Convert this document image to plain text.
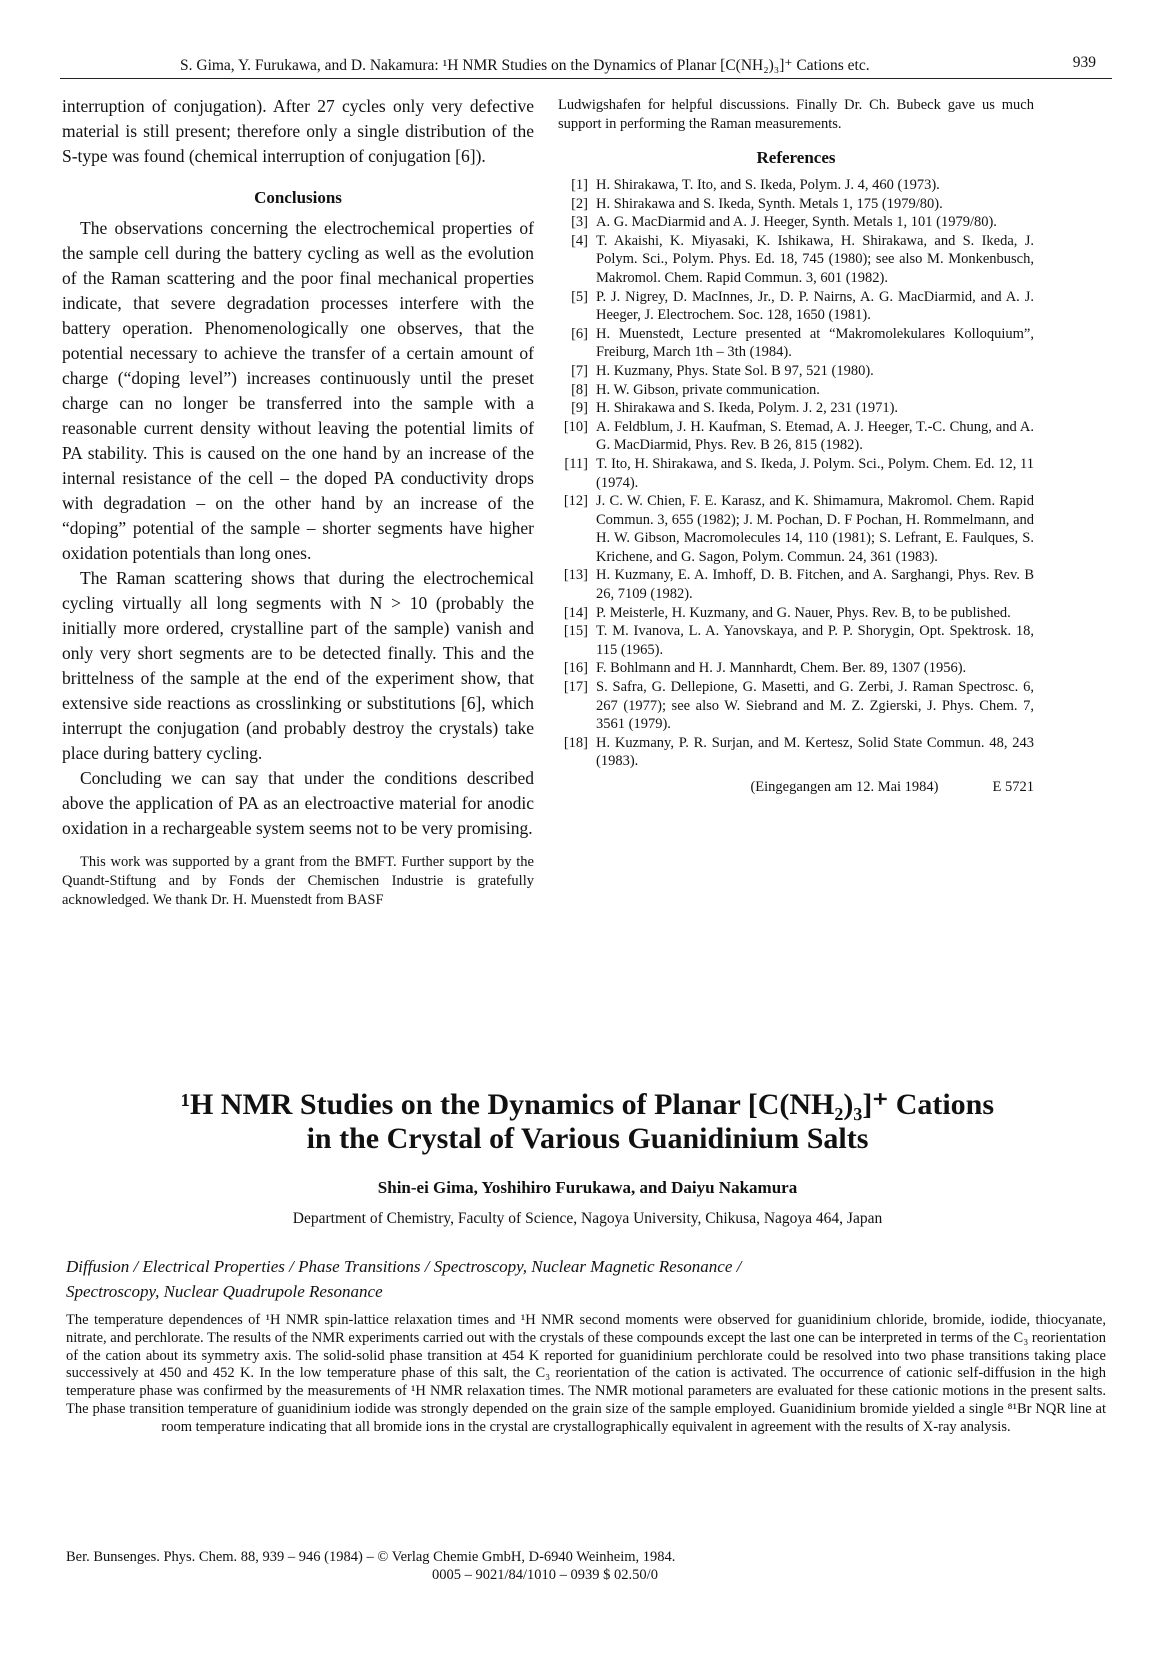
S. Gima, Y. Furukawa, and D. Nakamura: ¹H NMR Studies on the Dynamics of Planar [C(NH₂)₃]⁺ Cations etc.	939

interruption of conjugation). After 27 cycles only very defective material is still present; therefore only a single distribution of the S-type was found (chemical interruption of conjugation [6]).

Conclusions

The observations concerning the electrochemical properties of the sample cell during the battery cycling as well as the evolution of the Raman scattering and the poor final mechanical properties indicate, that severe degradation processes interfere with the battery operation. Phenomenologically one observes, that the potential necessary to achieve the transfer of a certain amount of charge (“doping level”) increases continuously until the preset charge can no longer be transferred into the sample with a reasonable current density without leaving the potential limits of PA stability. This is caused on the one hand by an increase of the internal resistance of the cell – the doped PA conductivity drops with degradation – on the other hand by an increase of the “doping” potential of the sample – shorter segments have higher oxidation potentials than long ones.

The Raman scattering shows that during the electrochemical cycling virtually all long segments with N > 10 (probably the initially more ordered, crystalline part of the sample) vanish and only very short segments are to be detected finally. This and the brittelness of the sample at the end of the experiment show, that extensive side reactions as crosslinking or substitutions [6], which interrupt the conjugation (and probably destroy the crystals) take place during battery cycling.

Concluding we can say that under the conditions described above the application of PA as an electroactive material for anodic oxidation in a rechargeable system seems not to be very promising.

This work was supported by a grant from the BMFT. Further support by the Quandt-Stiftung and by Fonds der Chemischen Industrie is gratefully acknowledged. We thank Dr. H. Muenstedt from BASF

Ludwigshafen for helpful discussions. Finally Dr. Ch. Bubeck gave us much support in performing the Raman measurements.

References
[1] H. Shirakawa, T. Ito, and S. Ikeda, Polym. J. 4, 460 (1973).
[2] H. Shirakawa and S. Ikeda, Synth. Metals 1, 175 (1979/80).
[3] A. G. MacDiarmid and A. J. Heeger, Synth. Metals 1, 101 (1979/80).
[4] T. Akaishi, K. Miyasaki, K. Ishikawa, H. Shirakawa, and S. Ikeda, J. Polym. Sci., Polym. Phys. Ed. 18, 745 (1980); see also M. Monkenbusch, Makromol. Chem. Rapid Commun. 3, 601 (1982).
[5] P. J. Nigrey, D. MacInnes, Jr., D. P. Nairns, A. G. MacDiarmid, and A. J. Heeger, J. Electrochem. Soc. 128, 1650 (1981).
[6] H. Muenstedt, Lecture presented at “Makromolekulares Kolloquium”, Freiburg, March 1th – 3th (1984).
[7] H. Kuzmany, Phys. State Sol. B 97, 521 (1980).
[8] H. W. Gibson, private communication.
[9] H. Shirakawa and S. Ikeda, Polym. J. 2, 231 (1971).
[10] A. Feldblum, J. H. Kaufman, S. Etemad, A. J. Heeger, T.-C. Chung, and A. G. MacDiarmid, Phys. Rev. B 26, 815 (1982).
[11] T. Ito, H. Shirakawa, and S. Ikeda, J. Polym. Sci., Polym. Chem. Ed. 12, 11 (1974).
[12] J. C. W. Chien, F. E. Karasz, and K. Shimamura, Makromol. Chem. Rapid Commun. 3, 655 (1982); J. M. Pochan, D. F Pochan, H. Rommelmann, and H. W. Gibson, Macromolecules 14, 110 (1981); S. Lefrant, E. Faulques, S. Krichene, and G. Sagon, Polym. Commun. 24, 361 (1983).
[13] H. Kuzmany, E. A. Imhoff, D. B. Fitchen, and A. Sarghangi, Phys. Rev. B 26, 7109 (1982).
[14] P. Meisterle, H. Kuzmany, and G. Nauer, Phys. Rev. B, to be published.
[15] T. M. Ivanova, L. A. Yanovskaya, and P. P. Shorygin, Opt. Spektrosk. 18, 115 (1965).
[16] F. Bohlmann and H. J. Mannhardt, Chem. Ber. 89, 1307 (1956).
[17] S. Safra, G. Dellepione, G. Masetti, and G. Zerbi, J. Raman Spectrosc. 6, 267 (1977); see also W. Siebrand and M. Z. Zgierski, J. Phys. Chem. 7, 3561 (1979).
[18] H. Kuzmany, P. R. Surjan, and M. Kertesz, Solid State Commun. 48, 243 (1983).
(Eingegangen am 12. Mai 1984)	E 5721
¹H NMR Studies on the Dynamics of Planar [C(NH₂)₃]⁺ Cations
in the Crystal of Various Guanidinium Salts
Shin-ei Gima, Yoshihiro Furukawa, and Daiyu Nakamura
Department of Chemistry, Faculty of Science, Nagoya University, Chikusa, Nagoya 464, Japan
Diffusion / Electrical Properties / Phase Transitions / Spectroscopy, Nuclear Magnetic Resonance /
Spectroscopy, Nuclear Quadrupole Resonance
The temperature dependences of ¹H NMR spin-lattice relaxation times and ¹H NMR second moments were observed for guanidinium chloride, bromide, iodide, thiocyanate, nitrate, and perchlorate. The results of the NMR experiments carried out with the crystals of these compounds except the last one can be interpreted in terms of the C₃ reorientation of the cation about its symmetry axis. The solid-solid phase transition at 454 K reported for guanidinium perchlorate could be resolved into two phase transitions taking place successively at 450 and 452 K. In the low temperature phase of this salt, the C₃ reorientation of the cation is activated. The occurrence of cationic self-diffusion in the high temperature phase was confirmed by the measurements of ¹H NMR relaxation times. The NMR motional parameters are evaluated for these cationic motions in the present salts. The phase transition temperature of guanidinium iodide was strongly depended on the grain size of the sample employed. Guanidinium bromide yielded a single ⁸¹Br NQR line at room temperature indicating that all bromide ions in the crystal are crystallographically equivalent in agreement with the results of X-ray analysis.
Ber. Bunsenges. Phys. Chem. 88, 939 – 946 (1984) – © Verlag Chemie GmbH, D-6940 Weinheim, 1984.
0005 – 9021/84/1010 – 0939 $ 02.50/0
